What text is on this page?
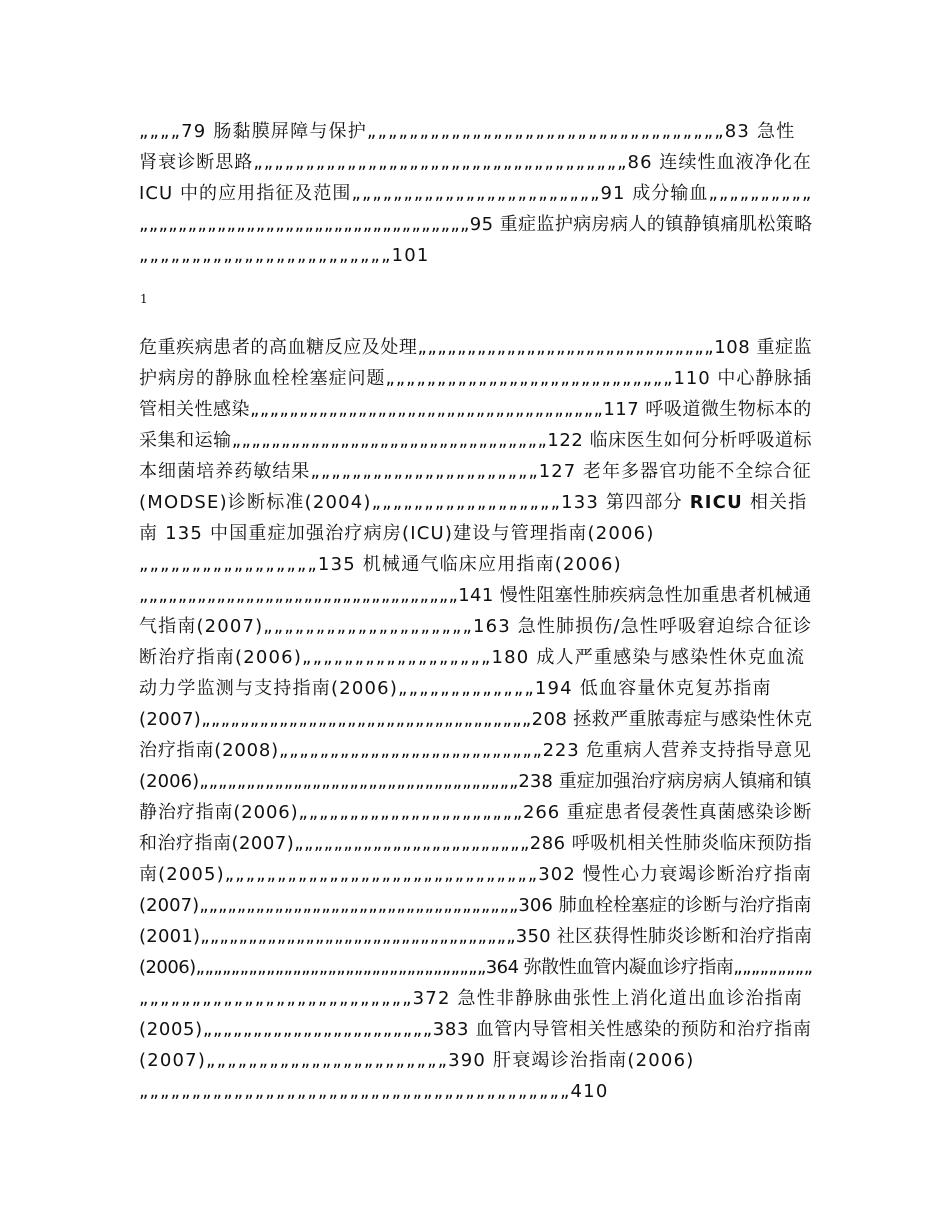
„„„„79 肠黏膜屏障与保护„„„„„„„„„„„„„„„„„„„„„„„„„„„„„„„„„„83 急性
肾衰诊断思路„„„„„„„„„„„„„„„„„„„„„„„„„„„„„„„„„„„„86 连续性血液净化在
ICU 中的应用指征及范围„„„„„„„„„„„„„„„„„„„„„„„„91 成分输血„„„„„„„„„„
„„„„„„„„„„„„„„„„„„„„„„„„„„„„„„„„„„95 重症监护病房病人的镇静镇痛肌松策略
„„„„„„„„„„„„„„„„„„„„„„„„101
1
危重疾病患者的高血糖反应及处理„„„„„„„„„„„„„„„„„„„„„„„„„„„„„„108 重症监
护病房的静脉血栓栓塞症问题„„„„„„„„„„„„„„„„„„„„„„„„„„„„110 中心静脉插
管相关性感染„„„„„„„„„„„„„„„„„„„„„„„„„„„„„„„„„„„„117 呼吸道微生物标本的
采集和运输„„„„„„„„„„„„„„„„„„„„„„„„„„„„„„„„122 临床医生如何分析呼吸道标
本细菌培养药敏结果„„„„„„„„„„„„„„„„„„„„„„127 老年多器官功能不全综合征
(MODSE)诊断标准(2004)„„„„„„„„„„„„„„„„„„133 第四部分 RICU 相关指
南 135 中国重症加强治疗病房(ICU)建设与管理指南(2006)
„„„„„„„„„„„„„„„„„135 机械通气临床应用指南(2006)
„„„„„„„„„„„„„„„„„„„„„„„„„„„„„„„„„141 慢性阻塞性肺疾病急性加重患者机械通
气指南(2007)„„„„„„„„„„„„„„„„„„„„163 急性肺损伤/急性呼吸窘迫综合征诊
断治疗指南(2006)„„„„„„„„„„„„„„„„„„180 成人严重感染与感染性休克血流
动力学监测与支持指南(2006)„„„„„„„„„„„„„194 低血容量休克复苏指南
(2007)„„„„„„„„„„„„„„„„„„„„„„„„„„„„„„„„„„208 拯救严重脓毒症与感染性休克
治疗指南(2008)„„„„„„„„„„„„„„„„„„„„„„„„„„223 危重病人营养支持指导意见
(2006)„„„„„„„„„„„„„„„„„„„„„„„„„„„„„„„„„„238 重症加强治疗病房病人镇痛和镇
静治疗指南(2006)„„„„„„„„„„„„„„„„„„„„„„266 重症患者侵袭性真菌感染诊断
和治疗指南(2007)„„„„„„„„„„„„„„„„„„„„„„„„286 呼吸机相关性肺炎临床预防指
南(2005)„„„„„„„„„„„„„„„„„„„„„„„„„„„„„„302 慢性心力衰竭诊断治疗指南
(2007)„„„„„„„„„„„„„„„„„„„„„„„„„„„„„„„„„„306 肺血栓栓塞症的诊断与治疗指南
(2001)„„„„„„„„„„„„„„„„„„„„„„„„„„„„„„„„„350 社区获得性肺炎诊断和治疗指南
(2006)„„„„„„„„„„„„„„„„„„„„„„„„„„„„„„„„„364 弥散性血管内凝血诊疗指南„„„„„„„„„
„„„„„„„„„„„„„„„„„„„„„„„„„„372 急性非静脉曲张性上消化道出血诊治指南
(2005)„„„„„„„„„„„„„„„„„„„„„„„383 血管内导管相关性感染的预防和治疗指南
(2007)„„„„„„„„„„„„„„„„„„„„„„„390 肝衰竭诊治指南(2006)
„„„„„„„„„„„„„„„„„„„„„„„„„„„„„„„„„„„„„„„„„410
